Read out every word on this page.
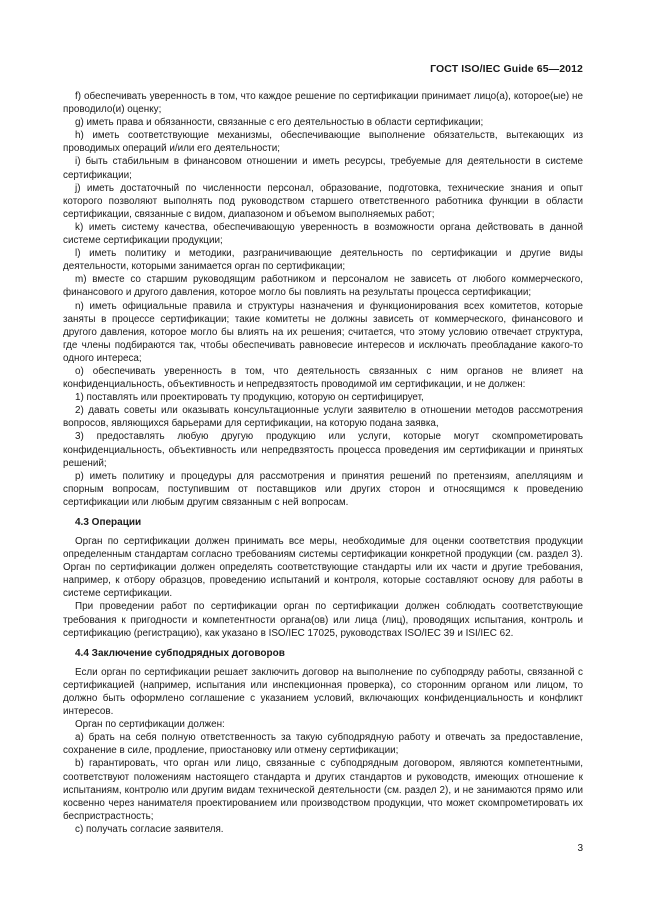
ГОСТ ISO/IEC Guide 65—2012

f) обеспечивать уверенность в том, что каждое решение по сертификации принимает лицо(а), которое(ые) не проводило(и) оценку;

g) иметь права и обязанности, связанные с его деятельностью в области сертификации;

h) иметь соответствующие механизмы, обеспечивающие выполнение обязательств, вытекающих из проводимых операций и/или его деятельности;

i) быть стабильным в финансовом отношении и иметь ресурсы, требуемые для деятельности в системе сертификации;

j) иметь достаточный по численности персонал, образование, подготовка, технические знания и опыт которого позволяют выполнять под руководством старшего ответственного работника функции в области сертификации, связанные с видом, диапазоном и объемом выполняемых работ;

k) иметь систему качества, обеспечивающую уверенность в возможности органа действовать в данной системе сертификации продукции;

l) иметь политику и методики, разграничивающие деятельность по сертификации и другие виды деятельности, которыми занимается орган по сертификации;

m) вместе со старшим руководящим работником и персоналом не зависеть от любого коммерческого, финансового и другого давления, которое могло бы повлиять на результаты процесса сертификации;

n) иметь официальные правила и структуры назначения и функционирования всех комитетов, которые заняты в процессе сертификации; такие комитеты не должны зависеть от коммерческого, финансового и другого давления, которое могло бы влиять на их решения; считается, что этому условию отвечает структура, где члены подбираются так, чтобы обеспечивать равновесие интересов и исключать преобладание какого-то одного интереса;

o) обеспечивать уверенность в том, что деятельность связанных с ним органов не влияет на конфиденциальность, объективность и непредвзятость проводимой им сертификации, и не должен:

1) поставлять или проектировать ту продукцию, которую он сертифицирует,

2) давать советы или оказывать консультационные услуги заявителю в отношении методов рассмотрения вопросов, являющихся барьерами для сертификации, на которую подана заявка,

3) предоставлять любую другую продукцию или услуги, которые могут скомпрометировать конфиденциальность, объективность или непредвзятость процесса проведения им сертификации и принятых решений;

p) иметь политику и процедуры для рассмотрения и принятия решений по претензиям, апелляциям и спорным вопросам, поступившим от поставщиков или других сторон и относящимся к проведению сертификации или любым другим связанным с ней вопросам.

4.3 Операции

Орган по сертификации должен принимать все меры, необходимые для оценки соответствия продукции определенным стандартам согласно требованиям системы сертификации конкретной продукции (см. раздел 3). Орган по сертификации должен определять соответствующие стандарты или их части и другие требования, например, к отбору образцов, проведению испытаний и контроля, которые составляют основу для работы в системе сертификации.

При проведении работ по сертификации орган по сертификации должен соблюдать соответствующие требования к пригодности и компетентности органа(ов) или лица (лиц), проводящих испытания, контроль и сертификацию (регистрацию), как указано в ISO/IEC 17025, руководствах ISO/IEC 39 и ISI/IEC 62.

4.4 Заключение субподрядных договоров

Если орган по сертификации решает заключить договор на выполнение по субподряду работы, связанной с сертификацией (например, испытания или инспекционная проверка), со сторонним органом или лицом, то должно быть оформлено соглашение с указанием условий, включающих конфиденциальность и конфликт интересов.

Орган по сертификации должен:

a) брать на себя полную ответственность за такую субподрядную работу и отвечать за предоставление, сохранение в силе, продление, приостановку или отмену сертификации;

b) гарантировать, что орган или лицо, связанные с субподрядным договором, являются компетентными, соответствуют положениям настоящего стандарта и других стандартов и руководств, имеющих отношение к испытаниям, контролю или другим видам технической деятельности (см. раздел 2), и не занимаются прямо или косвенно через нанимателя проектированием или производством продукции, что может скомпрометировать их беспристрастность;

c) получать согласие заявителя.

3
